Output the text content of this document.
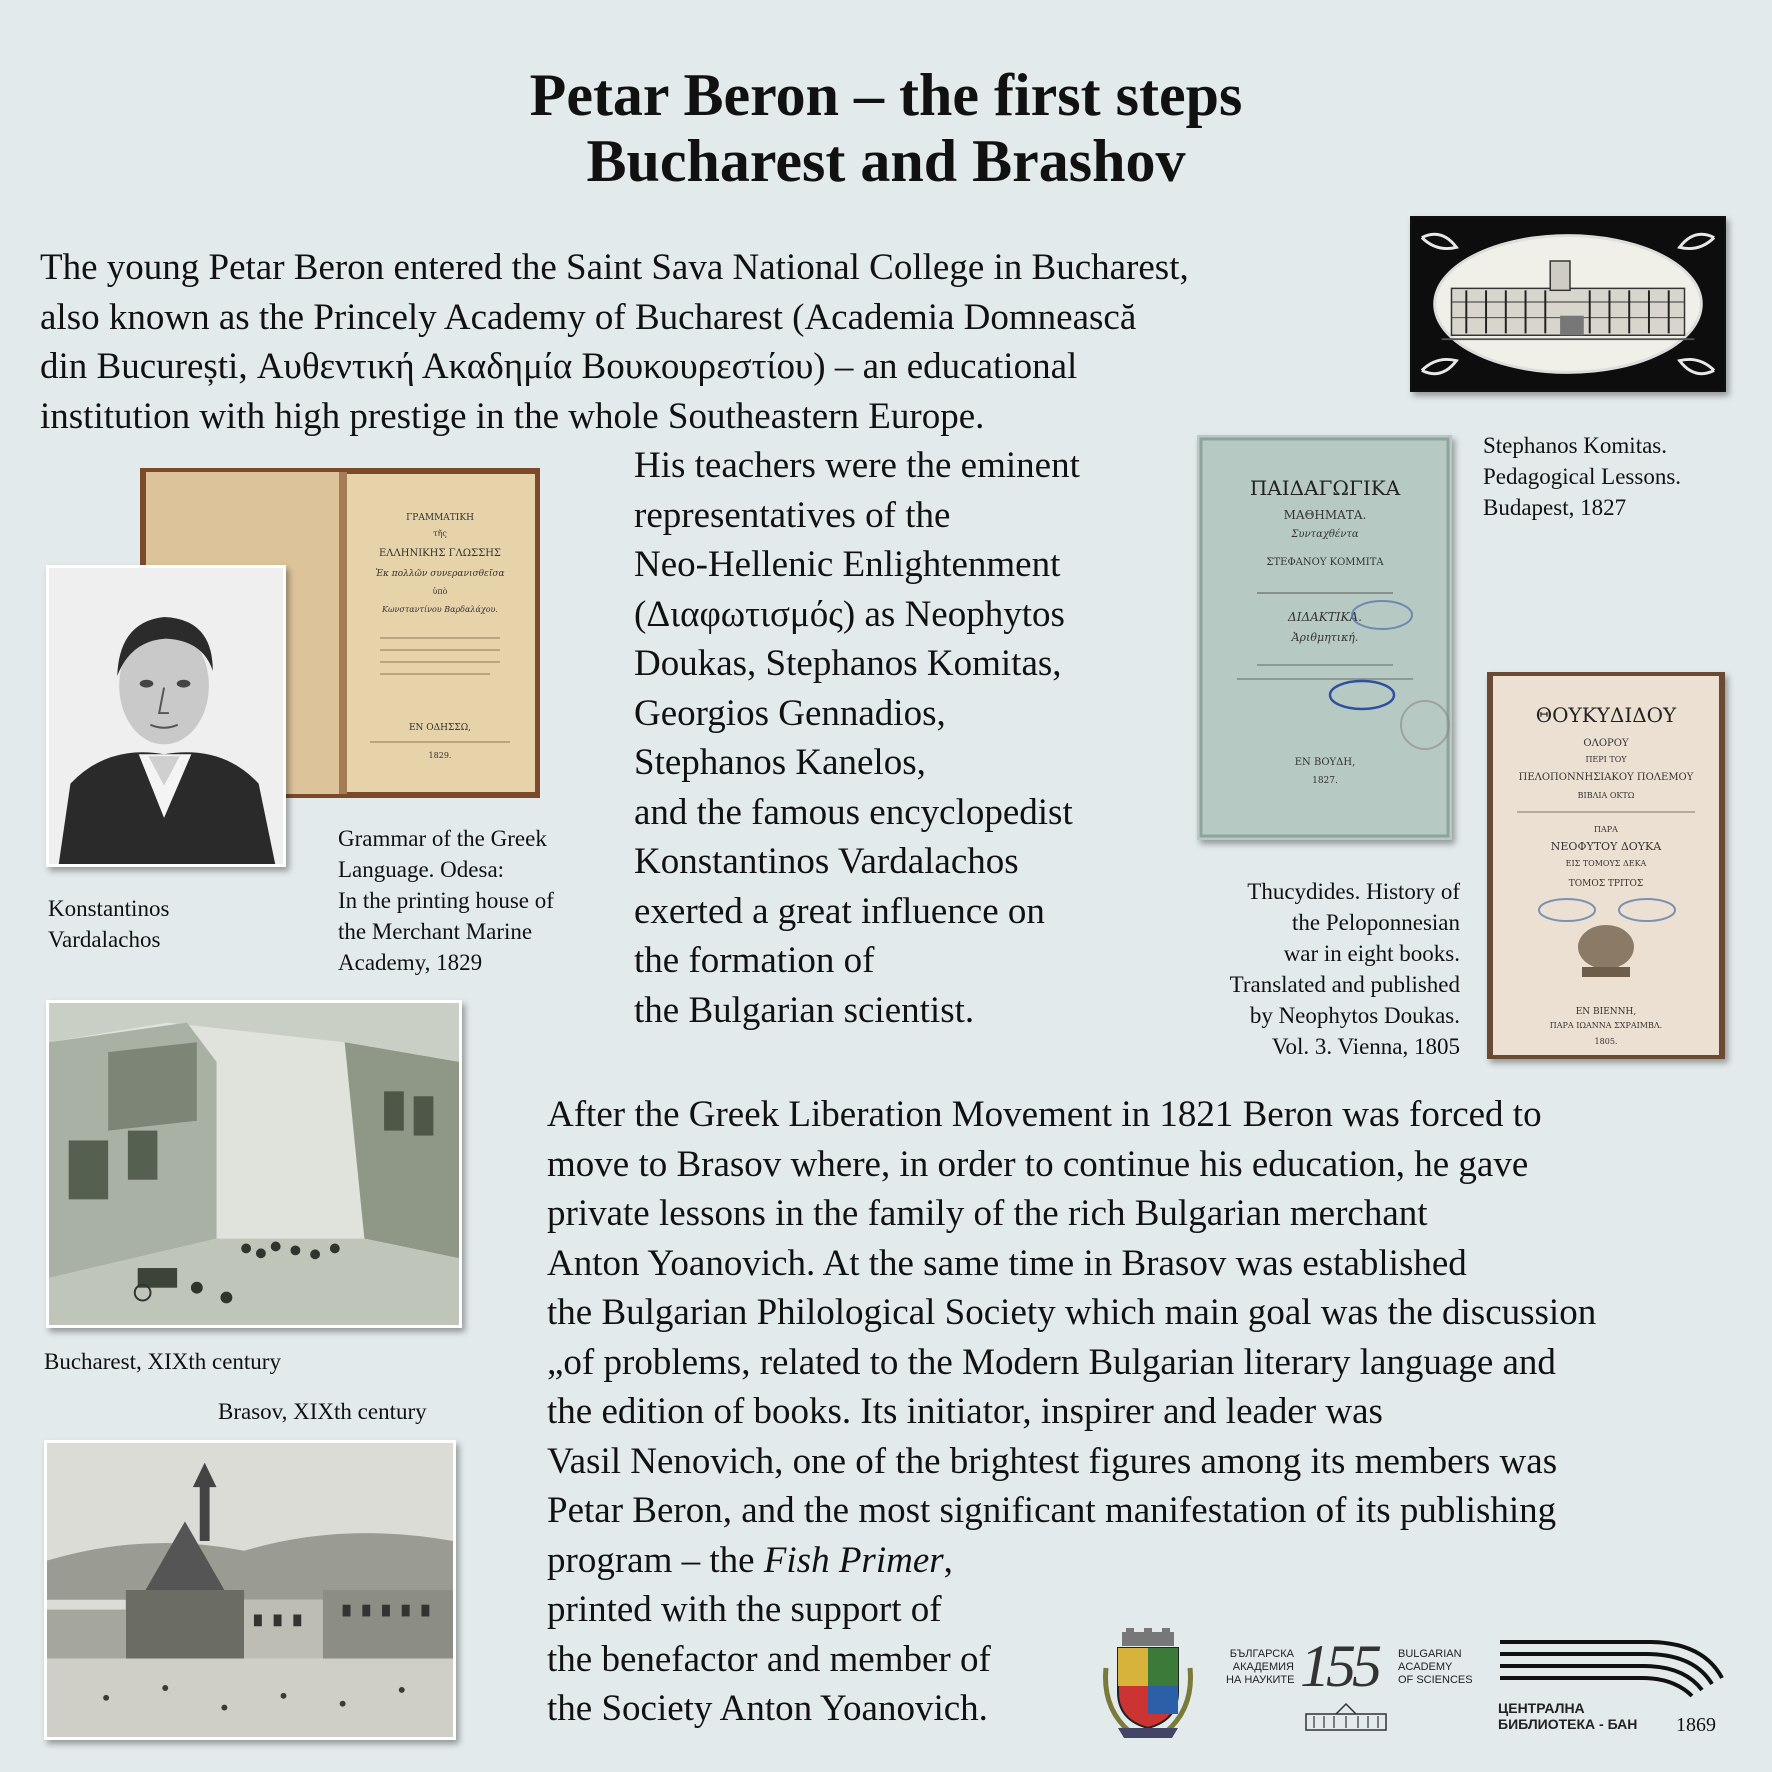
Petar Beron – the first steps
Bucharest and Brashov
The young Petar Beron entered the Saint Sava National College in Bucharest,
also known as the Princely Academy of Bucharest (Academia Domnească
din București, Αυθεντική Ακαδημία Βουκουρεστίου) – an educational
institution with high prestige in the whole Southeastern Europe.
His teachers were the eminent
representatives of the
Neo-Hellenic Enlightenment
(Διαφωτισμός) as Neophytos
Doukas, Stephanos Komitas,
Georgios Gennadios,
Stephanos Kanelos,
and the famous encyclopedist
Konstantinos Vardalachos
exerted a great influence on
the formation of
the Bulgarian scientist.
After the Greek Liberation Movement in 1821 Beron was forced to
move to Brasov where, in order to continue his education, he gave
private lessons in the family of the rich Bulgarian merchant
Anton Yoanovich. At the same time in Brasov was established
the Bulgarian Philological Society which main goal was the discussion
„of problems, related to the Modern Bulgarian literary language and
the edition of books. Its initiator, inspirer and leader was
Vasil Nenovich, one of the brightest figures among its members was
Petar Beron, and the most significant manifestation of its publishing
program – the Fish Primer,
printed with the support of
the benefactor and member of
the Society Anton Yoanovich.
Stephanos Komitas.
Pedagogical Lessons.
Budapest, 1827
ΠΑΙΔΑΓΩΓΙΚΑ
ΜΑΘΗΜΑΤΑ.
Συνταχθέντα
ΣΤΕΦΑΝΟΥ ΚΟΜΜΙΤΑ
ΔΙΔΑΚΤΙΚΑ.
Ἀριθμητική.
ΕΝ ΒΟΥΔΗ,
1827.
ΘΟΥΚΥΔΙΔΟΥ
ΟΛΟΡΟΥ
ΠΕΡΙ ΤΟΥ
ΠΕΛΟΠΟΝΝΗΣΙΑΚΟΥ ΠΟΛΕΜΟΥ
ΒΙΒΛΙΑ ΟΚΤΩ
ΠΑΡΑ
ΝΕΟΦΥΤΟΥ ΔΟΥΚΑ
ΕΙΣ ΤΟΜΟΥΣ ΔΕΚΑ
ΤΟΜΟΣ ΤΡΙΤΟΣ
ΕΝ ΒΙΕΝΝΗ,
ΠΑΡΑ ΙΩΑΝΝΑ ΣΧΡΑΙΜΒΛ.
1805.
Thucydides. History of
the Peloponnesian
war in eight books.
Translated and published
by Neophytos Doukas.
Vol. 3. Vienna, 1805
ΓΡΑΜΜΑΤΙΚΗ
τῆς
ΕΛΛΗΝΙΚΗΣ ΓΛΩΣΣΗΣ
Ἐκ πολλῶν συνερανισθεῖσα
ὑπὸ
Κωνσταντίνου Βαρδαλάχου.
ΕΝ ΟΔΗΣΣΩ,
1829.
Konstantinos
Vardalachos
Grammar of the Greek
Language. Odesa:
In the printing house of
the Merchant Marine
Academy, 1829
Bucharest, XIXth century
Brasov, XIXth century
БЪЛГАРСКА
АКАДЕМИЯ
НА НАУКИТЕ 155 BULGARIAN
ACADEMY
OF SCIENCES
ЦЕНТРАЛНА
БИБЛИОТЕКА - БАН 1869
